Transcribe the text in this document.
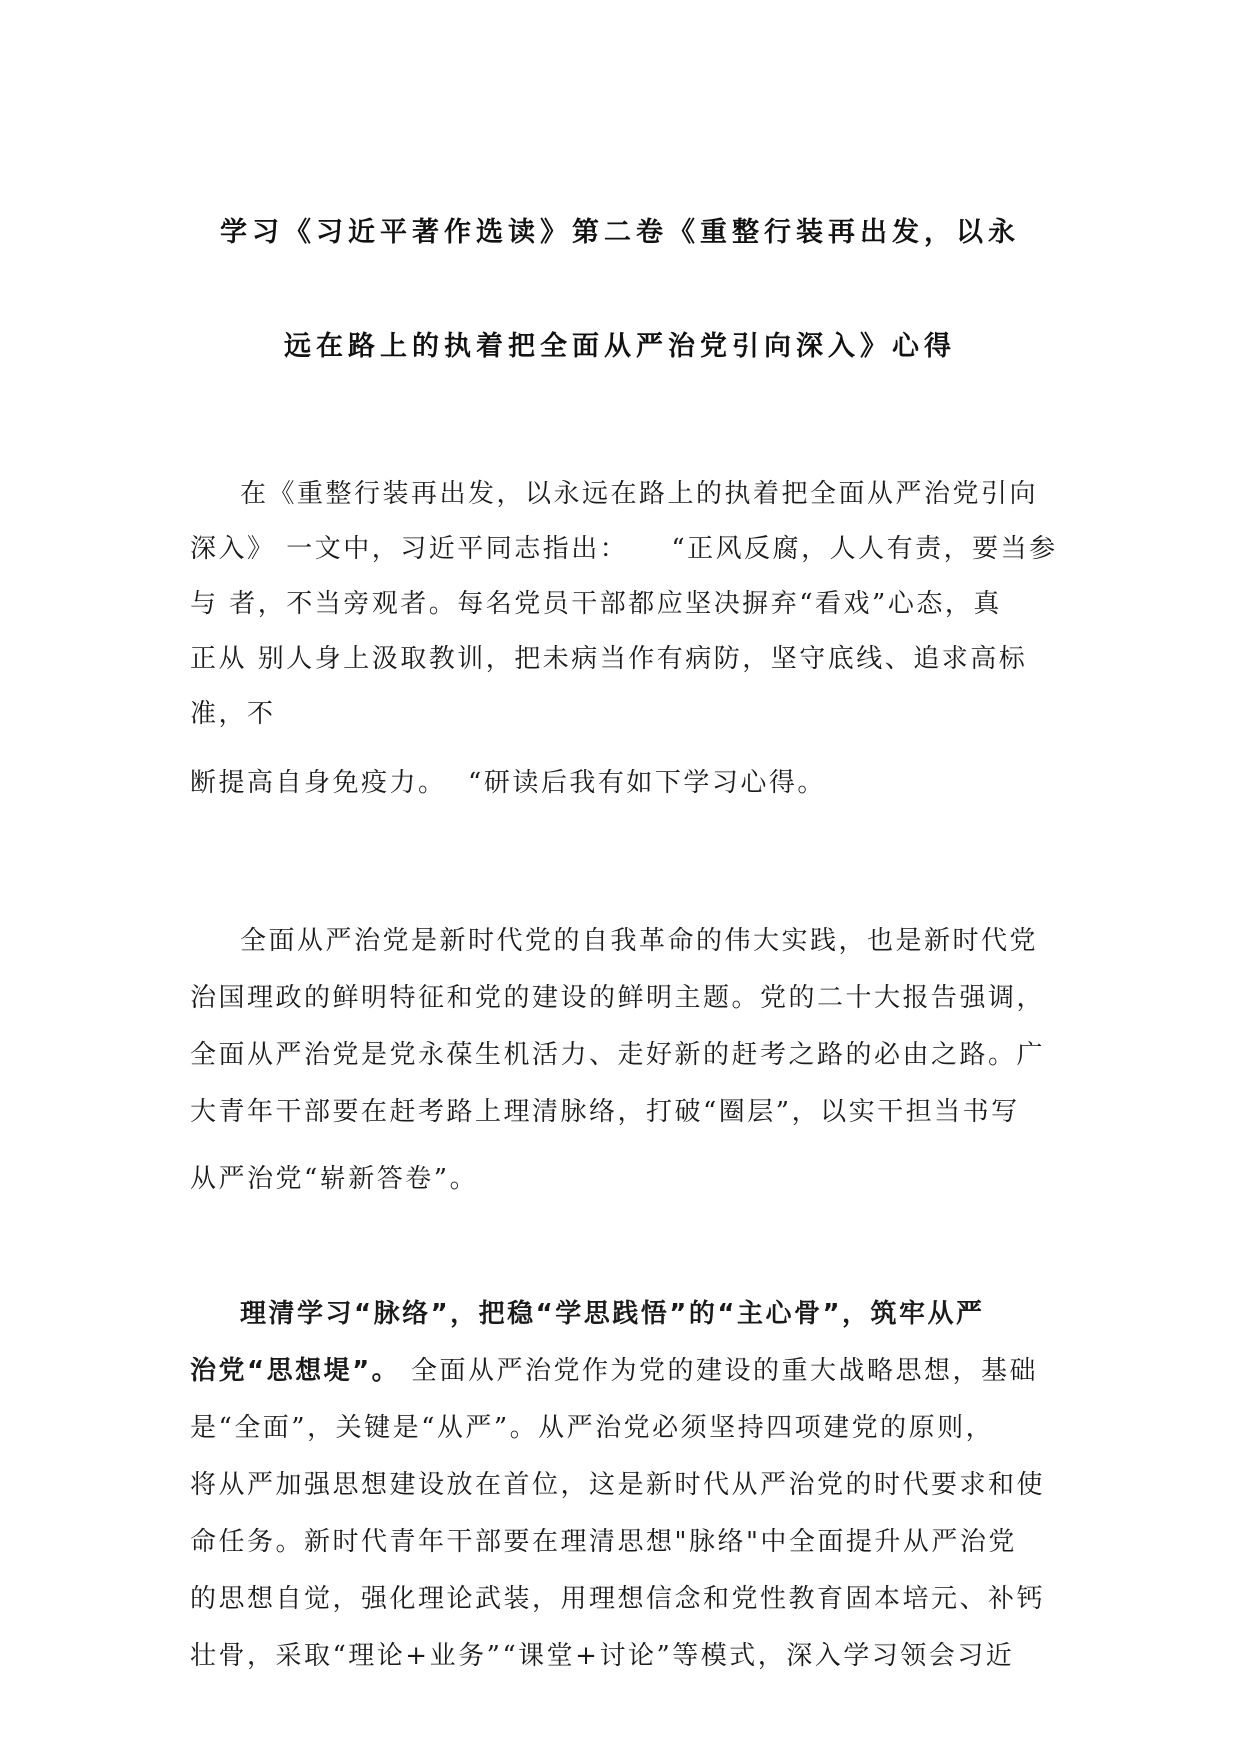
学习《习近平著作选读》第二卷《重整行装再出发，以永
远在路上的执着把全面从严治党引向深入》心得
在《重整行装再出发，以永远在路上的执着把全面从严治党引向
深入》 一文中，习近平同志指出：    “正风反腐，人人有责，要当参
与 者，不当旁观者。每名党员干部都应坚决摒弃“看戏”心态，真
正从 别人身上汲取教训，把未病当作有病防，坚守底线、追求高标
准，不
断提高自身免疫力。  “研读后我有如下学习心得。
全面从严治党是新时代党的自我革命的伟大实践，也是新时代党
治国理政的鲜明特征和党的建设的鲜明主题。党的二十大报告强调，
全面从严治党是党永葆生机活力、走好新的赶考之路的必由之路。广
大青年干部要在赶考路上理清脉络，打破“圈层”，以实干担当书写
从严治党“崭新答卷”。
理清学习“脉络”，把稳“学思践悟”的“主心骨”，筑牢从严
治党“思想堤”。 全面从严治党作为党的建设的重大战略思想，基础
是“全面”，关键是“从严”。从严治党必须坚持四项建党的原则，
将从严加强思想建设放在首位，这是新时代从严治党的时代要求和使
命任务。新时代青年干部要在理清思想"脉络"中全面提升从严治党
的思想自觉，强化理论武装，用理想信念和党性教育固本培元、补钙
壮骨，采取“理论+业务”“课堂+讨论”等模式，深入学习领会习近
